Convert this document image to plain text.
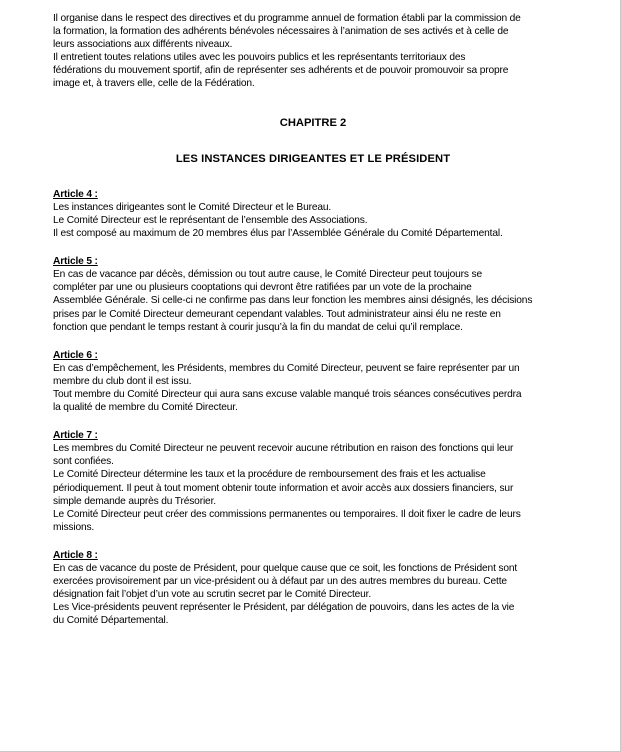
Il organise dans le respect des directives et du programme annuel de formation établi par la commission de
la formation, la formation des adhérents bénévoles nécessaires à l’animation de ses activés et à celle de
leurs associations aux différents niveaux.
Il entretient toutes relations utiles avec les pouvoirs publics et les représentants territoriaux des
fédérations du mouvement sportif, afin de représenter ses adhérents et de pouvoir promouvoir sa propre
image et, à travers elle, celle de la Fédération.
CHAPITRE 2
LES INSTANCES DIRIGEANTES ET LE PRÉSIDENT
Article 4 :
Les instances dirigeantes sont le Comité Directeur et le Bureau.
Le Comité Directeur est le représentant de l’ensemble des Associations.
Il est composé au maximum de 20 membres élus par l’Assemblée Générale du Comité Départemental.
Article 5 :
En cas de vacance par décès, démission ou tout autre cause, le Comité Directeur peut toujours se
compléter par une ou plusieurs cooptations qui devront être ratifiées par un vote de la prochaine
Assemblée Générale. Si celle-ci ne confirme pas dans leur fonction les membres ainsi désignés, les décisions
prises par le Comité Directeur demeurant cependant valables. Tout administrateur ainsi élu ne reste en
fonction que pendant le temps restant à courir jusqu’à la fin du mandat de celui qu’il remplace.
Article 6 :
En cas d’empêchement, les Présidents, membres du Comité Directeur, peuvent se faire représenter par un
membre du club dont il est issu.
Tout membre du Comité Directeur qui aura sans excuse valable manqué trois séances consécutives perdra
la qualité de membre du Comité Directeur.
Article 7 :
Les membres du Comité Directeur ne peuvent recevoir aucune rétribution en raison des fonctions qui leur
sont confiées.
Le Comité Directeur détermine les taux et la procédure de remboursement des frais et les actualise
périodiquement. Il peut à tout moment obtenir toute information et avoir accès aux dossiers financiers, sur
simple demande auprès du Trésorier.
Le Comité Directeur peut créer des commissions permanentes ou temporaires. Il doit fixer le cadre de leurs
missions.
Article 8 :
En cas de vacance du poste de Président, pour quelque cause que ce soit, les fonctions de Président sont
exercées provisoirement par un vice-président ou à défaut par un des autres membres du bureau. Cette
désignation fait l’objet d’un vote au scrutin secret par le Comité Directeur.
Les Vice-présidents peuvent représenter le Président, par délégation de pouvoirs, dans les actes de la vie
du Comité Départemental.
